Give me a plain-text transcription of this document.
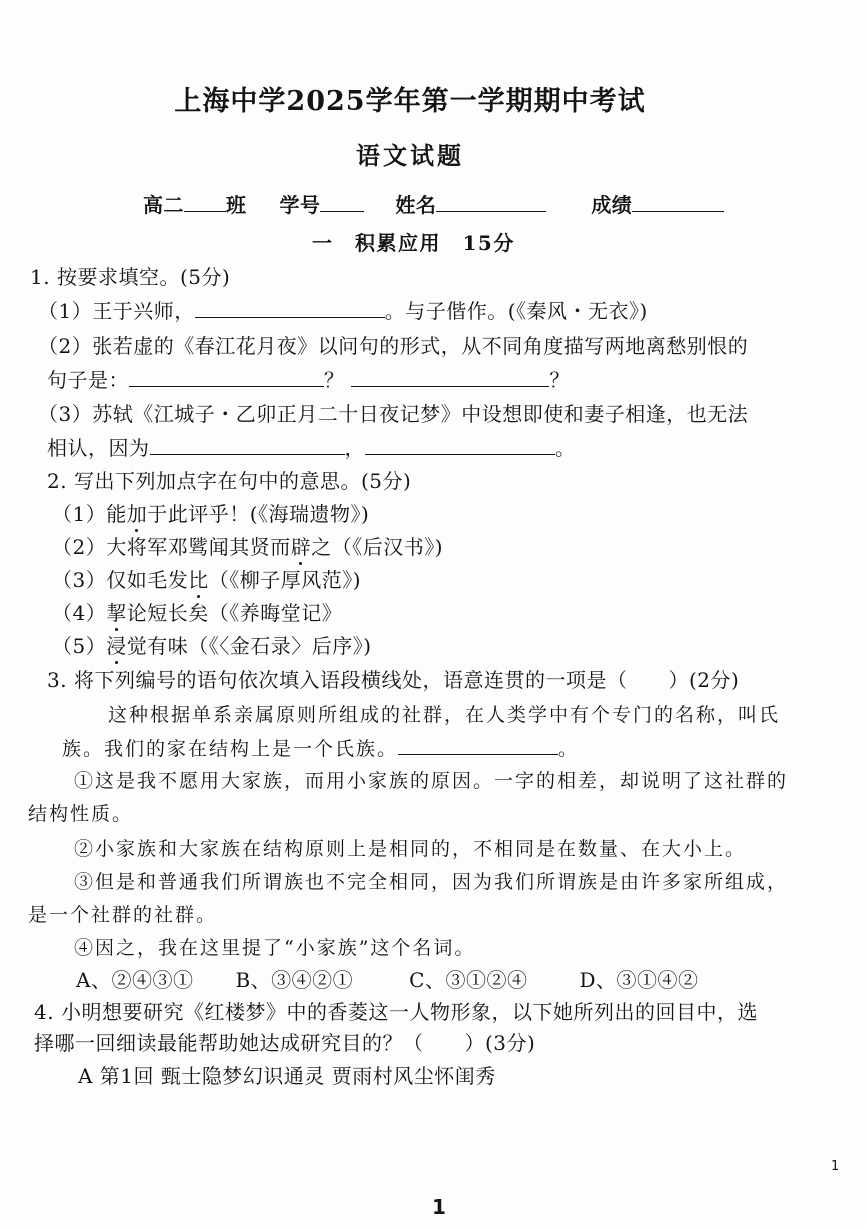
上海中学2025学年第一学期期中考试
语文试题
高二 班 学号	姓名	成绩
一　积累应用　15分
1. 按要求填空。(5分)
（1）王于兴师，	。与子偕作。(《秦风・无衣》)
（2）张若虚的《春江花月夜》以问句的形式，从不同角度描写两地离愁别恨的
句子是：	？	？
（3）苏轼《江城子・乙卯正月二十日夜记梦》中设想即使和妻子相逢，也无法
相认，因为	，	。
2. 写出下列加点字在句中的意思。(5分)
（1）能加于此评乎！(《海瑞遗物》)
（2）大将军邓骘闻其贤而辟之（《后汉书》)
（3）仅如毛发比（《柳子厚风范》)
（4）挈论短长矣（《养晦堂记》
（5）浸觉有味（《〈金石录〉后序》)
3. 将下列编号的语句依次填入语段横线处，语意连贯的一项是（　　）(2分)
这种根据单系亲属原则所组成的社群，在人类学中有个专门的名称，叫氏
族。我们的家在结构上是一个氏族。	。
①这是我不愿用大家族，而用小家族的原因。一字的相差，却说明了这社群的
结构性质。
②小家族和大家族在结构原则上是相同的，不相同是在数量、在大小上。
③但是和普通我们所谓族也不完全相同，因为我们所谓族是由许多家所组成，
是一个社群的社群。
④因之，我在这里提了“小家族”这个名词。
A、②④③① B、③④②①	C、③①②④	D、③①④②
4. 小明想要研究《红楼梦》中的香菱这一人物形象，以下她所列出的回目中，选
择哪一回细读最能帮助她达成研究目的？（　　）(3分)
A 第1回 甄士隐梦幻识通灵 贾雨村风尘怀闺秀
1
1
